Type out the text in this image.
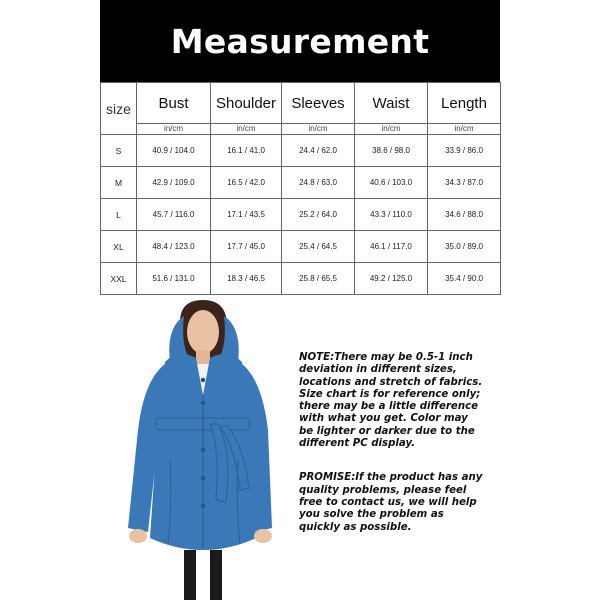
Measurement
size	Bust	Shoulder	Sleeves	Waist	Length
	in/cm	in/cm	in/cm	in/cm	in/cm
S	40.9 / 104.0	16.1 / 41.0	24.4 / 62.0	38.6 / 98.0	33.9 / 86.0
M	42.9 / 109.0	16.5 / 42.0	24.8 / 63.0	40.6 / 103.0	34.3 / 87.0
L	45.7 / 116.0	17.1 / 43.5	25.2 / 64.0	43.3 / 110.0	34.6 / 88.0
XL	48.4 / 123.0	17.7 / 45.0	25.4 / 64.5	46.1 / 117.0	35.0 / 89.0
XXL	51.6 / 131.0	18.3 / 46.5	25.8 / 65.5	49.2 / 125.0	35.4 / 90.0

NOTE:There may be 0.5-1 inch deviation in different sizes, locations and stretch of fabrics. Size chart is for reference only; there may be a little difference with what you get. Color may be lighter or darker due to the different PC display.

PROMISE:If the product has any quality problems, please feel free to contact us, we will help you solve the problem as quickly as possible.
